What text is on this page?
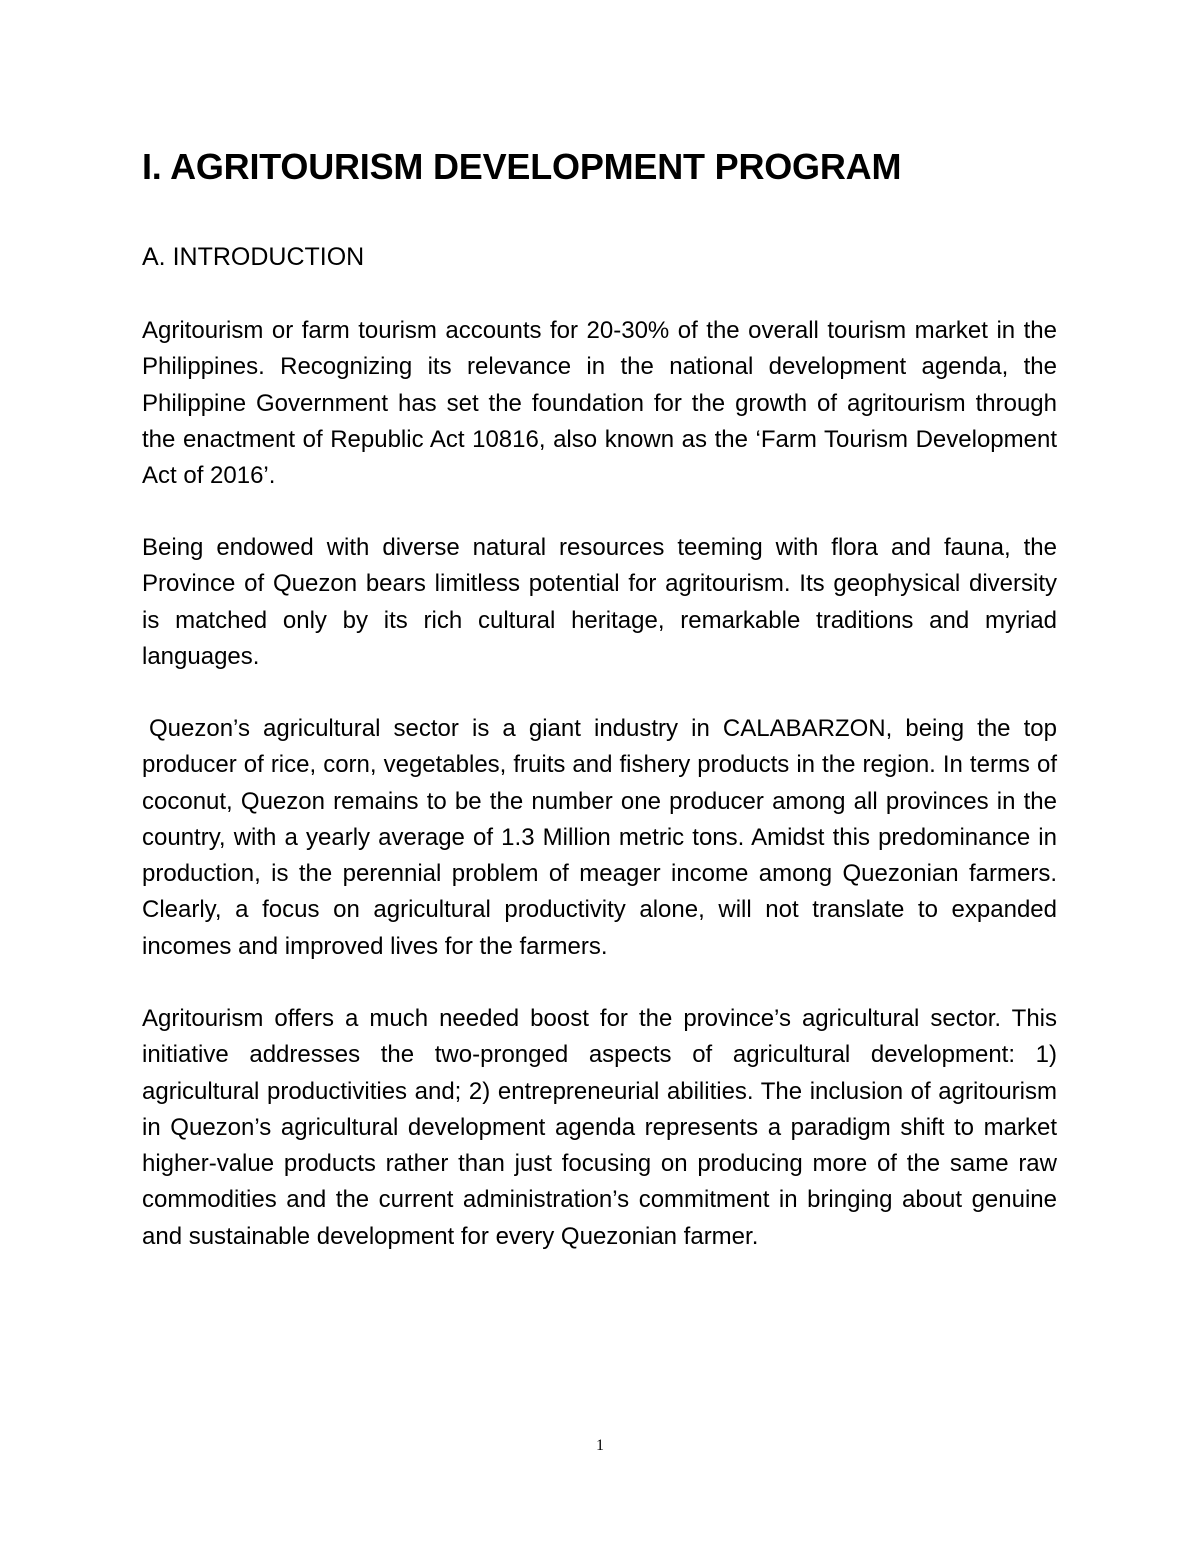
I. AGRITOURISM DEVELOPMENT PROGRAM
A. INTRODUCTION

Agritourism or farm tourism accounts for 20-30% of the overall tourism market in the Philippines. Recognizing its relevance in the national development agenda, the Philippine Government has set the foundation for the growth of agritourism through the enactment of Republic Act 10816, also known as the ‘Farm Tourism Development Act of 2016’.

Being endowed with diverse natural resources teeming with flora and fauna, the Province of Quezon bears limitless potential for agritourism. Its geophysical diversity is matched only by its rich cultural heritage, remarkable traditions and myriad languages.

Quezon’s agricultural sector is a giant industry in CALABARZON, being the top producer of rice, corn, vegetables, fruits and fishery products in the region. In terms of coconut, Quezon remains to be the number one producer among all provinces in the country, with a yearly average of 1.3 Million metric tons. Amidst this predominance in production, is the perennial problem of meager income among Quezonian farmers. Clearly, a focus on agricultural productivity alone, will not translate to expanded incomes and improved lives for the farmers.

Agritourism offers a much needed boost for the province’s agricultural sector. This initiative addresses the two-pronged aspects of agricultural development: 1) agricultural productivities and; 2) entrepreneurial abilities. The inclusion of agritourism in Quezon’s agricultural development agenda represents a paradigm shift to market higher-value products rather than just focusing on producing more of the same raw commodities and the current administration’s commitment in bringing about genuine and sustainable development for every Quezonian farmer.

1
